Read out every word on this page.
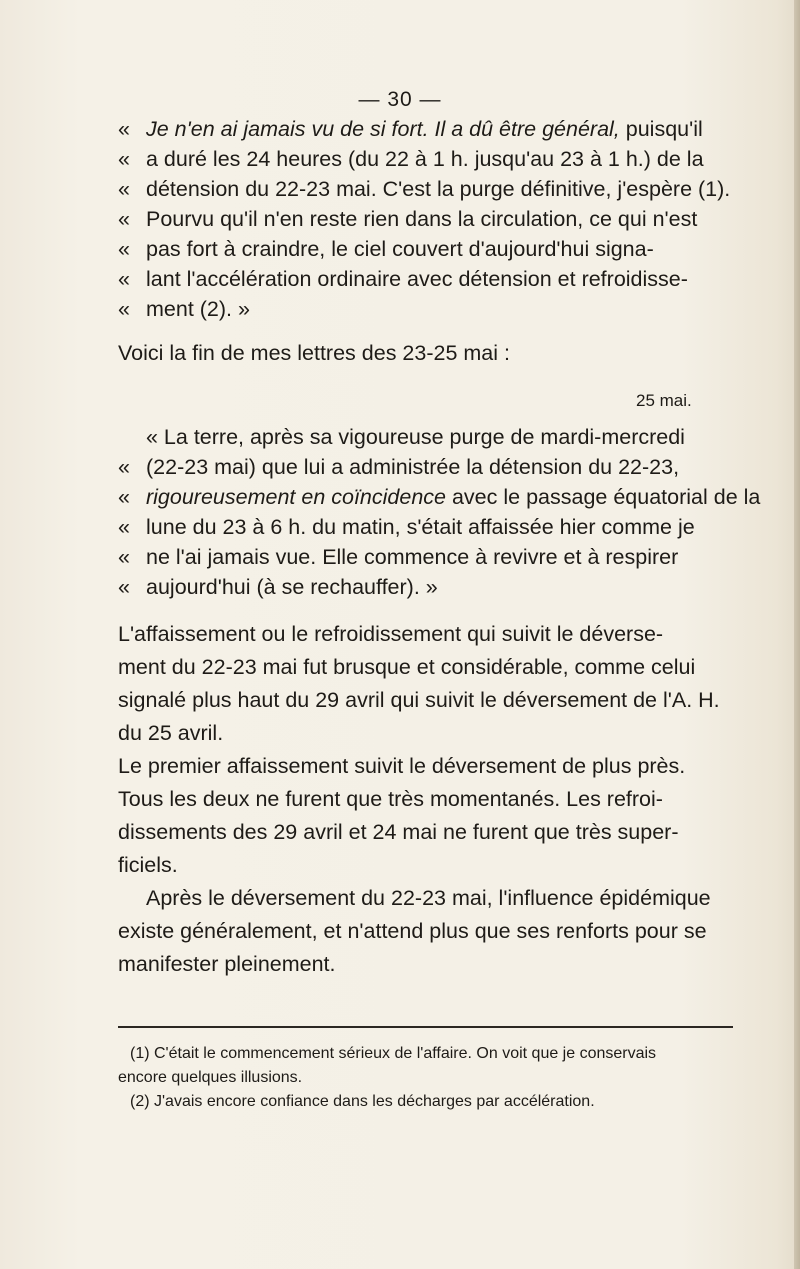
— 30 —
« Je n'en ai jamais vu de si fort. Il a dû être général, puisqu'il
« a duré les 24 heures (du 22 à 1 h. jusqu'au 23 à 1 h.) de la
« détension du 22-23 mai. C'est la purge définitive, j'espère (1).
« Pourvu qu'il n'en reste rien dans la circulation, ce qui n'est
« pas fort à craindre, le ciel couvert d'aujourd'hui signa-
« lant l'accélération ordinaire avec détension et refroidisse-
« ment (2). »
Voici la fin de mes lettres des 23-25 mai :
25 mai.
« La terre, après sa vigoureuse purge de mardi-mercredi
« (22-23 mai) que lui a administrée la détension du 22-23,
« rigoureusement en coïncidence avec le passage équatorial de la
« lune du 23 à 6 h. du matin, s'était affaissée hier comme je
« ne l'ai jamais vue. Elle commence à revivre et à respirer
« aujourd'hui (à se rechauffer). »
L'affaissement ou le refroidissement qui suivit le déverse-
ment du 22-23 mai fut brusque et considérable, comme celui
signalé plus haut du 29 avril qui suivit le déversement de l'A. H.
du 25 avril.
Le premier affaissement suivit le déversement de plus près.
Tous les deux ne furent que très momentanés. Les refroi-
dissements des 29 avril et 24 mai ne furent que très super-
ficiels.
Après le déversement du 22-23 mai, l'influence épidémique
existe généralement, et n'attend plus que ses renforts pour se
manifester pleinement.
(1) C'était le commencement sérieux de l'affaire. On voit que je conservais
encore quelques illusions.
(2) J'avais encore confiance dans les décharges par accélération.
